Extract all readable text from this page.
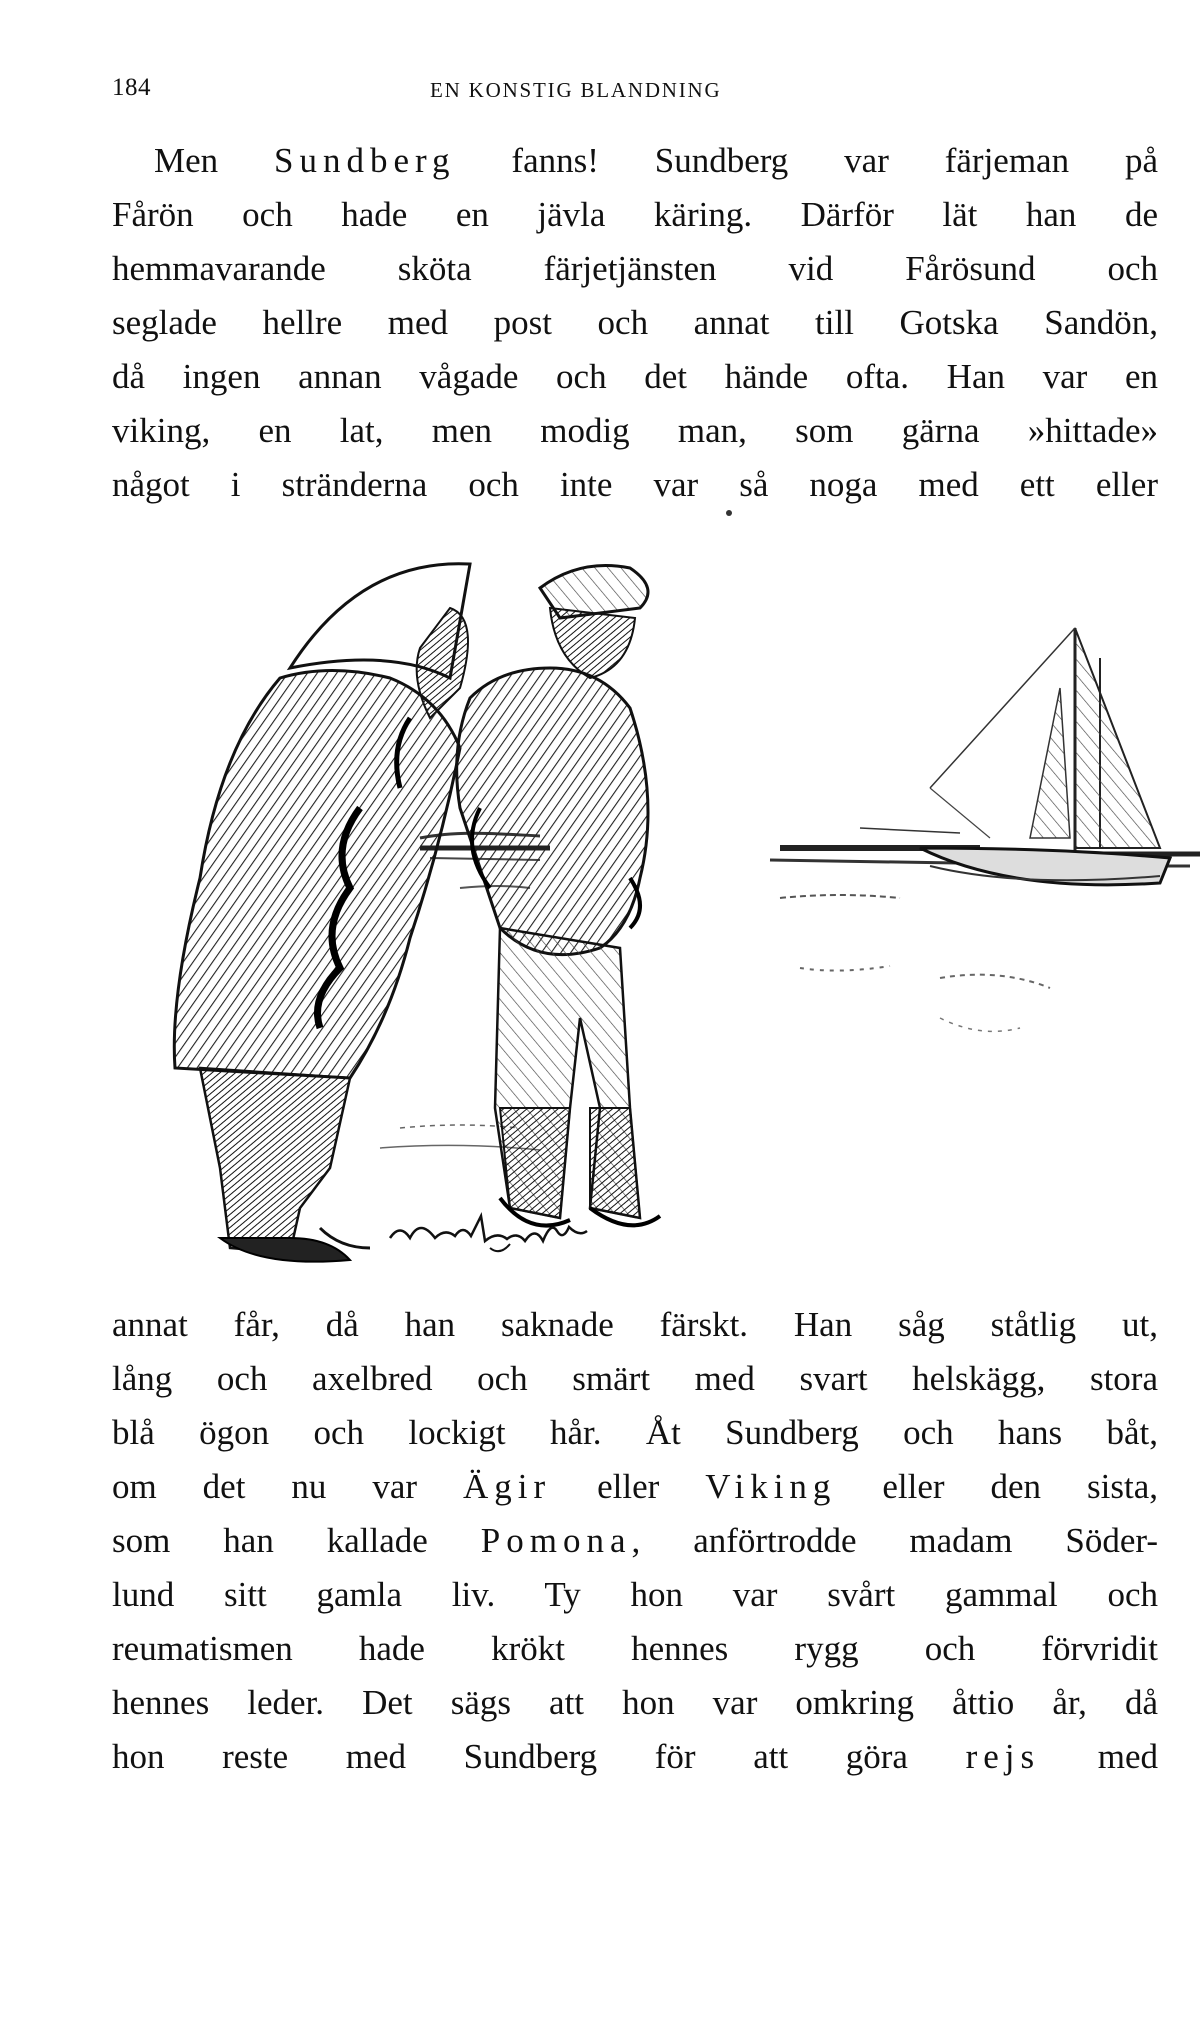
184	EN KONSTIG BLANDNING
Men Sundberg fanns! Sundberg var färjeman på
Fårön och hade en jävla käring. Därför lät han de
hemmavarande sköta färjetjänsten vid Fårösund och
seglade hellre med post och annat till Gotska Sandön,
då ingen annan vågade och det hände ofta. Han var en
viking, en lat, men modig man, som gärna »hittade»
något i stränderna och inte var så noga med ett eller
annat får, då han saknade färskt. Han såg ståtlig ut,
lång och axelbred och smärt med svart helskägg, stora
blå ögon och lockigt hår. Åt Sundberg och hans båt,
om det nu var Ägir eller Viking eller den sista,
som han kallade Pomona, anförtrodde madam Söder-
lund sitt gamla liv. Ty hon var svårt gammal och
reumatismen hade krökt hennes rygg och förvridit
hennes leder. Det sägs att hon var omkring åttio år, då
hon reste med Sundberg för att göra rejs med
